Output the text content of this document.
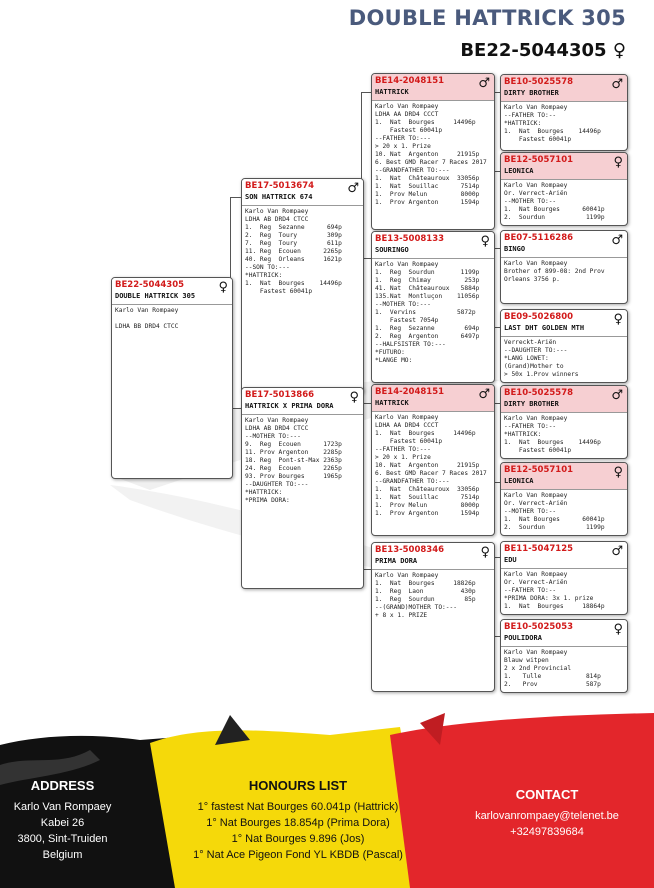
DOUBLE HATTRICK 305
BE22-5044305 ♀
BE22-5044305
DOUBLE HATTRICK 305
♀
Karlo Van Rompaey

LDHA BB DRD4 CTCC
BE17-5013674
SON HATTRICK 674
♂
Karlo Van Rompaey
LDHA AB DRD4 CTCC
1.  Reg  Sezanne      694p
2.  Reg  Toury        309p
7.  Reg  Toury        611p
11. Reg  Ecouen      2265p
40. Reg  Orleans     1621p
--SON TO:---
*HATTRICK:
1.  Nat  Bourges    14496p
Fastest 60041p
BE17-5013866
HATTRICK X PRIMA DORA
♀
Karlo Van Rompaey
LDHA AB DRD4 CTCC
--MOTHER TO:---
9.  Reg  Ecouen      1723p
11. Prov Argenton    2285p
18. Reg  Pont-st-Max 2363p
24. Reg  Ecouen      2265p
93. Prov Bourges     1965p
--DAUGHTER TO:---
*HATTRICK:
*PRIMA DORA:
BE14-2048151
HATTRICK
♂
Karlo Van Rompaey
LDHA AA DRD4 CCCT
1.  Nat  Bourges     14496p
Fastest 60041p
--FATHER TO:---
> 20 x 1. Prize
10. Nat  Argenton     21915p
6. Best GMD Racer 7 Races 2017
--GRANDFATHER TO:---
1.  Nat  Châteauroux  33056p
1.  Nat  Souillac      7514p
1.  Prov Melun         8000p
1.  Prov Argenton      1594p
BE13-5008133
SOURINGO
♀
Karlo Van Rompaey
1.  Reg  Sourdun       1199p
1.  Reg  Chimay         253p
41. Nat  Châteauroux   5884p
135.Nat  Montluçon    11056p
--MOTHER TO:---
1.  Vervins           5872p
Fastest 7054p
1.  Reg  Sezanne        694p
2.  Reg  Argenton      6497p
--HALFSISTER TO:---
*FUTURO:
*LANGE MO:
BE14-2048151
HATTRICK
♂
Karlo Van Rompaey
LDHA AA DRD4 CCCT
1.  Nat  Bourges     14496p
Fastest 60041p
--FATHER TO:---
> 20 x 1. Prize
10. Nat  Argenton     21915p
6. Best GMD Racer 7 Races 2017
--GRANDFATHER TO:---
1.  Nat  Châteauroux  33056p
1.  Nat  Souillac      7514p
1.  Prov Melun         8000p
1.  Prov Argenton      1594p
BE13-5008346
PRIMA DORA
♀
Karlo Van Rompaey
1.  Nat  Bourges     18826p
1.  Reg  Laon          430p
1.  Reg  Sourdun        85p
--(GRAND)MOTHER TO:---
+ 8 x 1. PRIZE
BE10-5025578
DIRTY BROTHER
♂
Karlo Van Rompaey
--FATHER TO:--
*HATTRICK:
1.  Nat  Bourges    14496p
Fastest 60041p
BE12-5057101
LEONICA
♀
Karlo Van Rompaey
Or. Verrect-Ariën
--MOTHER TO:--
1.  Nat Bourges      60041p
2.  Sourdun           1199p
BE07-5116286
BINGO
♂
Karlo Van Rompaey
Brother of 899-08: 2nd Prov
Orleans 3756 p.
BE09-5026800
LAST DHT GOLDEN MTH
♀
Verreckt-Ariën
--DAUGHTER TO:---
*LANG LOWET:
(Grand)Mother to
> 50x 1.Prov winners
BE10-5025578
DIRTY BROTHER
♂
Karlo Van Rompaey
--FATHER TO:--
*HATTRICK:
1.  Nat  Bourges    14496p
Fastest 60041p
BE12-5057101
LEONICA
♀
Karlo Van Rompaey
Or. Verrect-Ariën
--MOTHER TO:--
1.  Nat Bourges      60041p
2.  Sourdun           1199p
BE11-5047125
EDU
♂
Karlo Van Rompaey
Or. Verrect-Ariën
--FATHER TO:--
*PRIMA DORA: 3x 1. prize
1.  Nat  Bourges     18864p
BE10-5025053
POULIDORA
♀
Karlo Van Rompaey
Blauw witpen
2 x 2nd Provincial
1.   Tulle            814p
2.   Prov             587p
ADDRESS
Karlo Van Rompaey
Kabei 26
3800, Sint-Truiden
Belgium
HONOURS LIST
1° fastest Nat Bourges 60.041p (Hattrick)
1° Nat Bourges 18.854p (Prima Dora)
1° Nat Bourges 9.896 (Jos)
1° Nat Ace Pigeon Fond YL KBDB (Pascal)
CONTACT
karlovanrompaey@telenet.be
+32497839684
